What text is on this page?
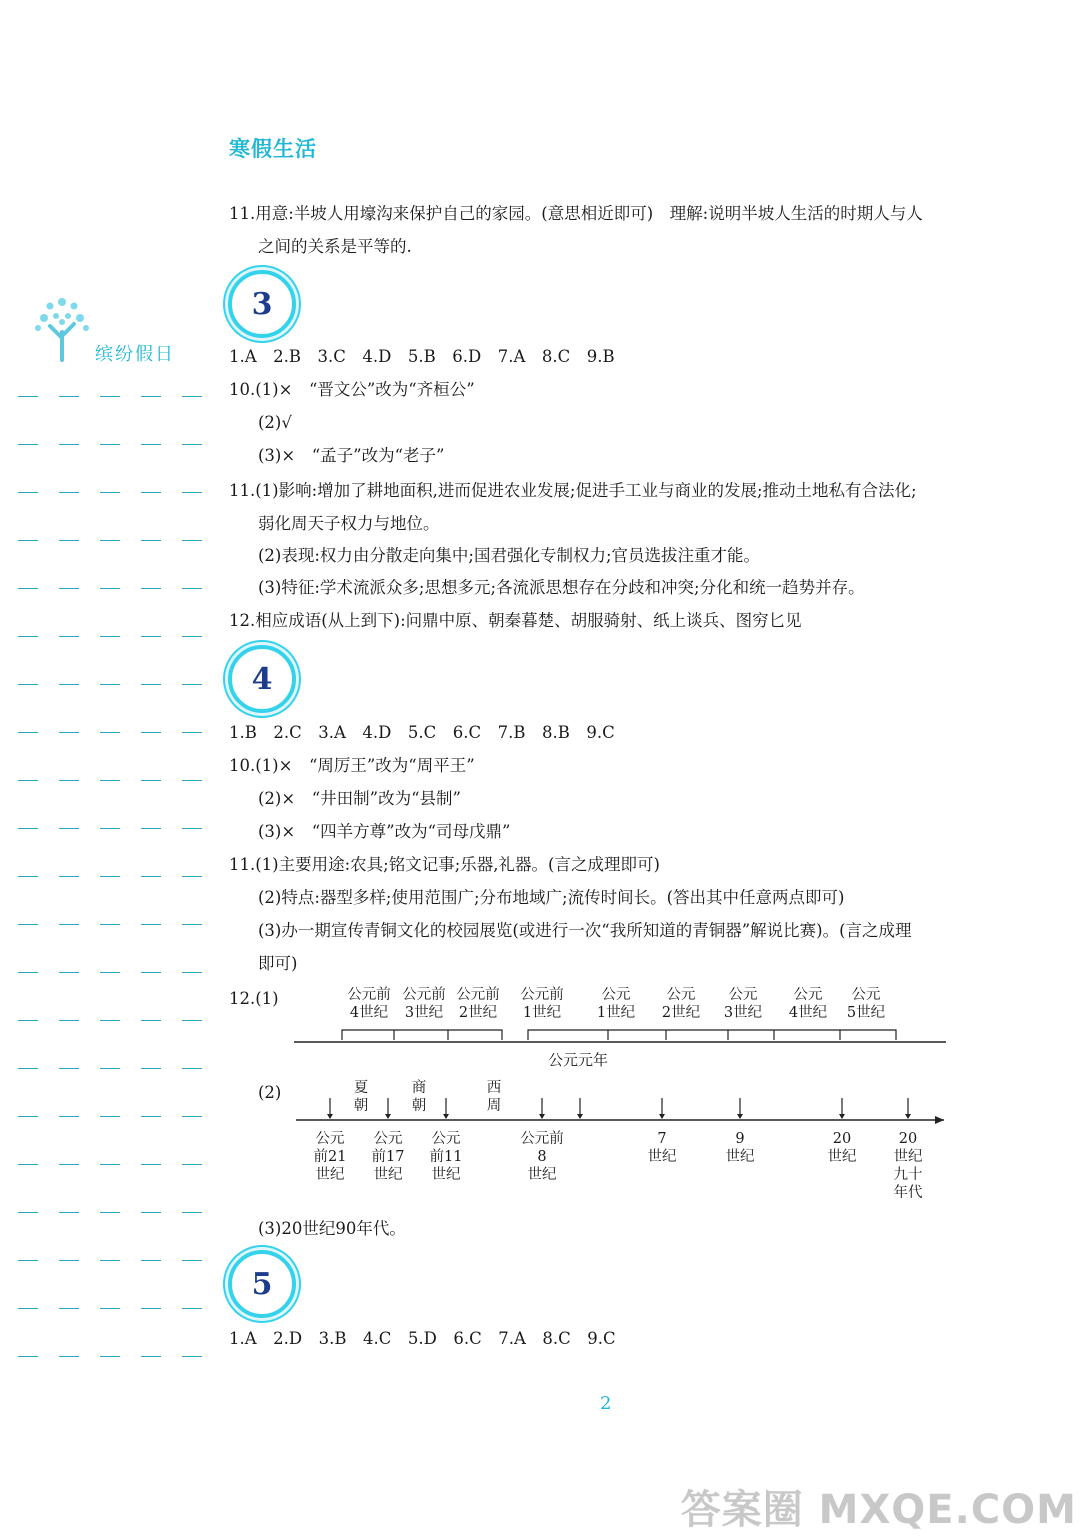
寒假生活
缤纷假日
11.用意:半坡人用壕沟来保护自己的家园。(意思相近即可)　理解:说明半坡人生活的时期人与人
之间的关系是平等的.
3
1.A　2.B　3.C　4.D　5.B　6.D　7.A　8.C　9.B
10.(1)×　“晋文公”改为“齐桓公”
(2)√
(3)×　“孟子”改为“老子”
11.(1)影响:增加了耕地面积,进而促进农业发展;促进手工业与商业的发展;推动土地私有合法化;
弱化周天子权力与地位。
(2)表现:权力由分散走向集中;国君强化专制权力;官员选拔注重才能。
(3)特征:学术流派众多;思想多元;各流派思想存在分歧和冲突;分化和统一趋势并存。
12.相应成语(从上到下):问鼎中原、朝秦暮楚、胡服骑射、纸上谈兵、图穷匕见
4
1.B　2.C　3.A　4.D　5.C　6.C　7.B　8.B　9.C
10.(1)×　“周厉王”改为“周平王”
(2)×　“井田制”改为“县制”
(3)×　“四羊方尊”改为“司母戊鼎”
11.(1)主要用途:农具;铭文记事;乐器,礼器。(言之成理即可)
(2)特点:器型多样;使用范围广;分布地域广;流传时间长。(答出其中任意两点即可)
(3)办一期宣传青铜文化的校园展览(或进行一次“我所知道的青铜器”解说比赛)。(言之成理
即可)
12.(1)	公元前
4世纪
公元前
3世纪
公元前
2世纪
公元前
1世纪
公元
1世纪
公元
2世纪
公元
3世纪
公元
4世纪
公元
5世纪
公元元年
(2)	夏
朝
商
朝
西
周
公元
前21
世纪
公元
前17
世纪
公元
前11
世纪
公元前
8
世纪
7
世纪
9
世纪
20
世纪
20
世纪
九十
年代
(3)20世纪90年代。
5
1.A　2.D　3.B　4.C　5.D　6.C　7.A　8.C　9.C
2
答案圈 MXQE.COM
